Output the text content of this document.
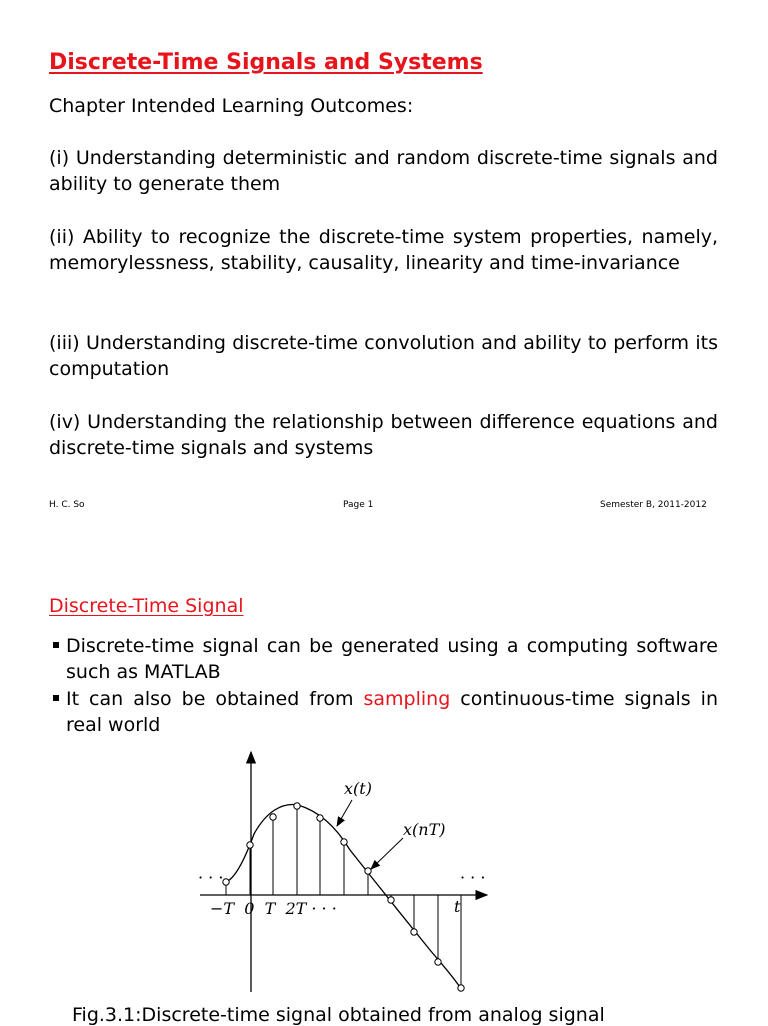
Discrete-Time Signals and Systems
Chapter Intended Learning Outcomes:
(i) Understanding deterministic and random discrete-time signals and ability to generate them
(ii) Ability to recognize the discrete-time system properties, namely, memorylessness, stability, causality, linearity and time-invariance
(iii) Understanding discrete-time convolution and ability to perform its computation
(iv) Understanding the relationship between difference equations and discrete-time signals and systems
H. C. So	Page 1	Semester B, 2011-2012
Discrete-Time Signal
Discrete-time signal can be generated using a computing software such as MATLAB
It can also be obtained from sampling continuous-time signals in real world
x(t)
x(nT)
t
· · ·	· · ·
−T  0  T  2T · · ·
Fig.3.1:Discrete-time signal obtained from analog signal
